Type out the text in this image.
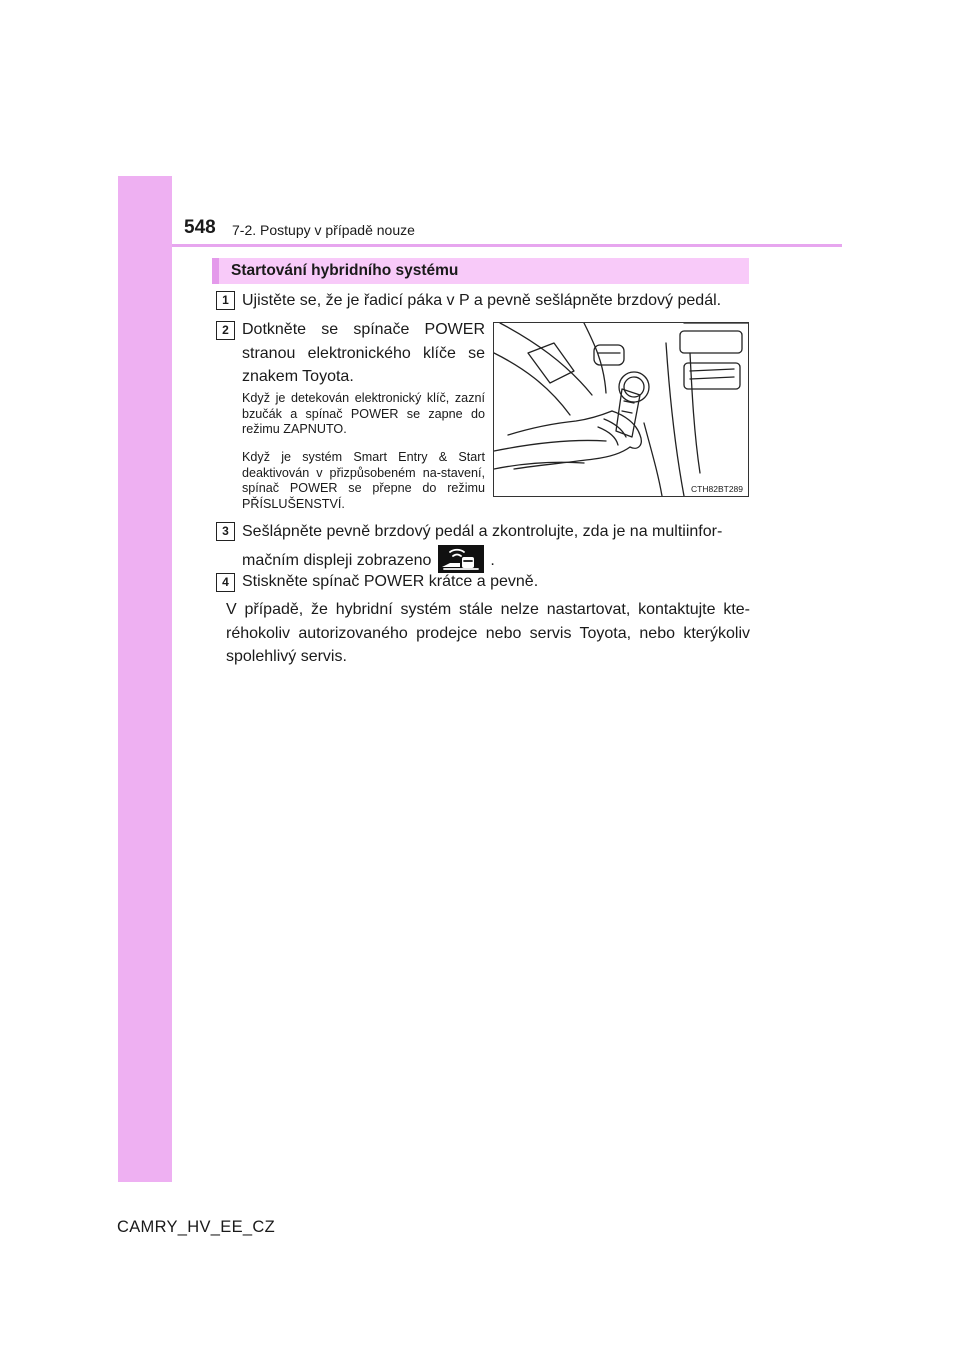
548 7-2. Postupy v případě nouze
Startování hybridního systému
1 Ujistěte se, že je řadicí páka v P a pevně sešlápněte brzdový pedál.
2 Dotkněte se spínače POWER stranou elektronického klíče se znakem Toyota.
Když je detekován elektronický klíč, zazní bzučák a spínač POWER se zapne do režimu ZAPNUTO.
Když je systém Smart Entry & Start deaktivován v přizpůsobeném na-stavení, spínač POWER se přepne do režimu PŘÍSLUŠENSTVÍ.
CTH82BT289
3 Sešlápněte pevně brzdový pedál a zkontrolujte, zda je na multiinfor-
mačním displeji zobrazeno	.
4 Stiskněte spínač POWER krátce a pevně.
V případě, že hybridní systém stále nelze nastartovat, kontaktujte kte-réhokoliv autorizovaného prodejce nebo servis Toyota, nebo kterýkoliv spolehlivý servis.
CAMRY_HV_EE_CZ
